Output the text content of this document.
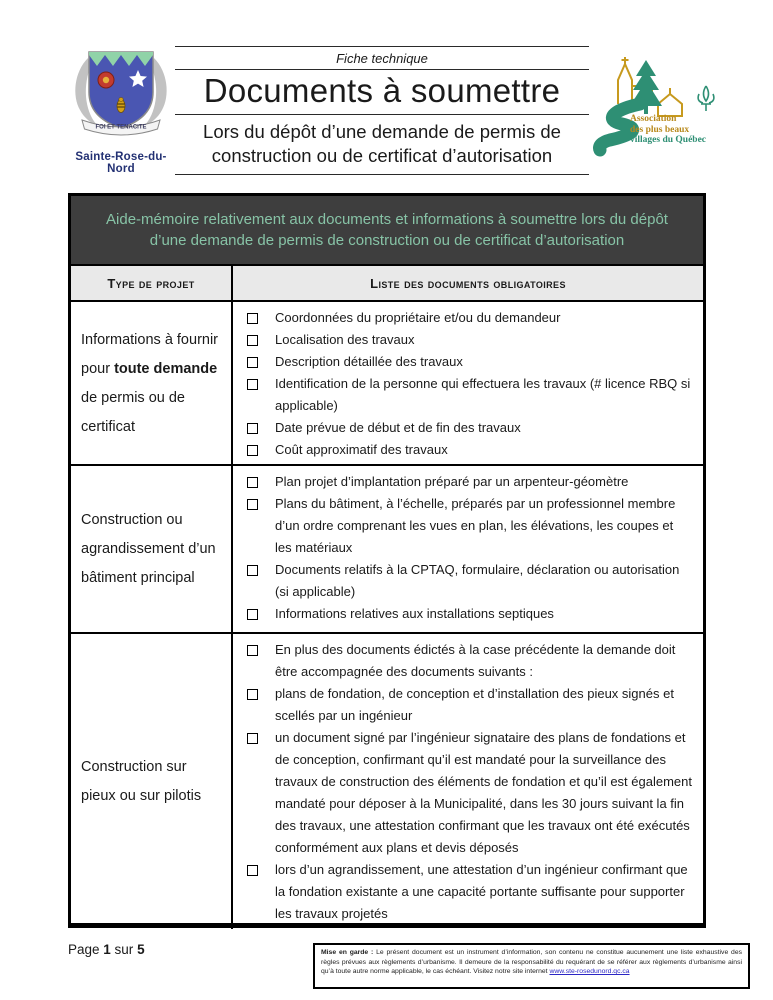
FOI ET TENACITE
Sainte-Rose-du-Nord
Fiche technique
Documents à soumettre
Lors du dépôt d’une demande de permis de construction ou de certificat d’autorisation
Association
des plus beaux
villages du Québec
Aide-mémoire relativement aux documents et informations à soumettre lors du dépôt d’une demande de permis de construction ou de certificat d’autorisation
Type de projet	Liste des documents obligatoires
Informations à fournir pour toute demande de permis ou de certificat
Coordonnées du propriétaire et/ou du demandeur
Localisation des travaux
Description détaillée des travaux
Identification de la personne qui effectuera les travaux (# licence RBQ si applicable)
Date prévue de début et de fin des travaux
Coût approximatif des travaux
Construction ou agrandissement d’un bâtiment principal
Plan projet d’implantation préparé par un arpenteur-géomètre
Plans du bâtiment, à l’échelle, préparés par un professionnel membre d’un ordre comprenant les vues en plan, les élévations, les coupes et les matériaux
Documents relatifs à la CPTAQ, formulaire, déclaration ou autorisation (si applicable)
Informations relatives aux installations septiques
Construction sur pieux ou sur pilotis
En plus des documents édictés à la case précédente la demande doit être accompagnée des documents suivants :
plans de fondation, de conception et d’installation des pieux signés et scellés par un ingénieur
un document signé par l’ingénieur signataire des plans de fondations et de conception, confirmant qu’il est mandaté pour la surveillance des travaux de construction des éléments de fondation et qu’il est également mandaté pour déposer à la Municipalité, dans les 30 jours suivant la fin des travaux, une attestation confirmant que les travaux ont été exécutés conformément aux plans et devis déposés
lors d’un agrandissement, une attestation d’un ingénieur confirmant que la fondation existante a une capacité portante suffisante pour supporter les travaux projetés
Page 1 sur 5	Mise en garde : Le présent document est un instrument d’information, son contenu ne constitue aucunement une liste exhaustive des règles prévues aux règlements d’urbanisme. Il demeure de la responsabilité du requérant de se référer aux règlements d’urbanisme ainsi qu’à toute autre norme applicable, le cas échéant. Visitez notre site internet www.ste-rosedunord.qc.ca
